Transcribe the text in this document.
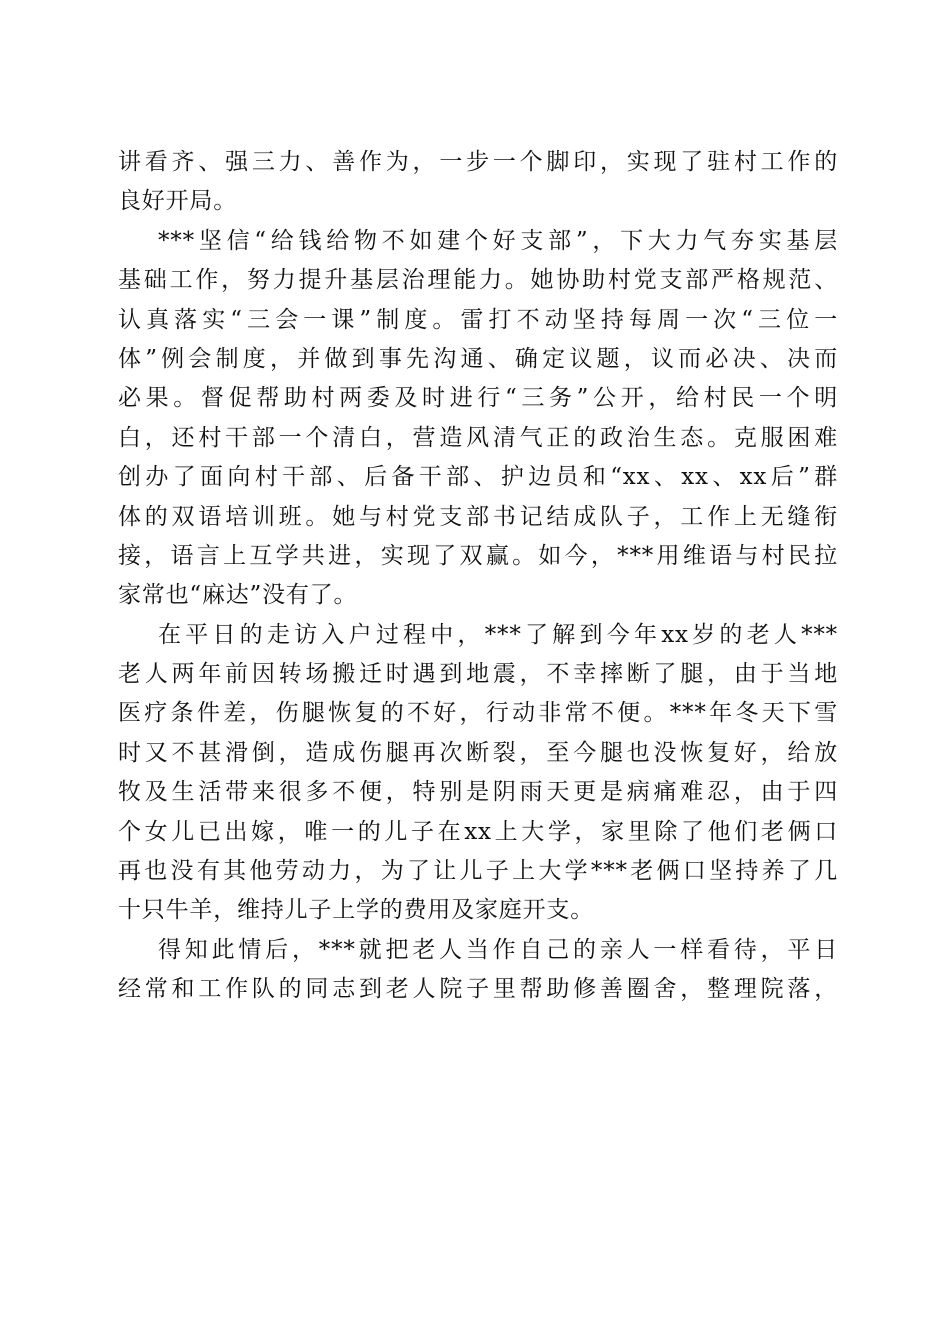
讲看齐、强三力、善作为，一步一个脚印，实现了驻村工作的
良好开局。
***坚信“给钱给物不如建个好支部”，下大力气夯实基层
基础工作，努力提升基层治理能力。她协助村党支部严格规范、
认真落实“三会一课”制度。雷打不动坚持每周一次“三位一
体”例会制度，并做到事先沟通、确定议题，议而必决、决而
必果。督促帮助村两委及时进行“三务”公开，给村民一个明
白，还村干部一个清白，营造风清气正的政治生态。克服困难
创办了面向村干部、后备干部、护边员和“xx、xx、xx后”群
体的双语培训班。她与村党支部书记结成队子，工作上无缝衔
接，语言上互学共进，实现了双赢。如今，***用维语与村民拉
家常也“麻达”没有了。
在平日的走访入户过程中，***了解到今年xx岁的老人***
老人两年前因转场搬迁时遇到地震，不幸摔断了腿，由于当地
医疗条件差，伤腿恢复的不好，行动非常不便。***年冬天下雪
时又不甚滑倒，造成伤腿再次断裂，至今腿也没恢复好，给放
牧及生活带来很多不便，特别是阴雨天更是病痛难忍，由于四
个女儿已出嫁，唯一的儿子在xx上大学，家里除了他们老俩口
再也没有其他劳动力，为了让儿子上大学***老俩口坚持养了几
十只牛羊，维持儿子上学的费用及家庭开支。
得知此情后，***就把老人当作自己的亲人一样看待，平日
经常和工作队的同志到老人院子里帮助修善圈舍，整理院落，
